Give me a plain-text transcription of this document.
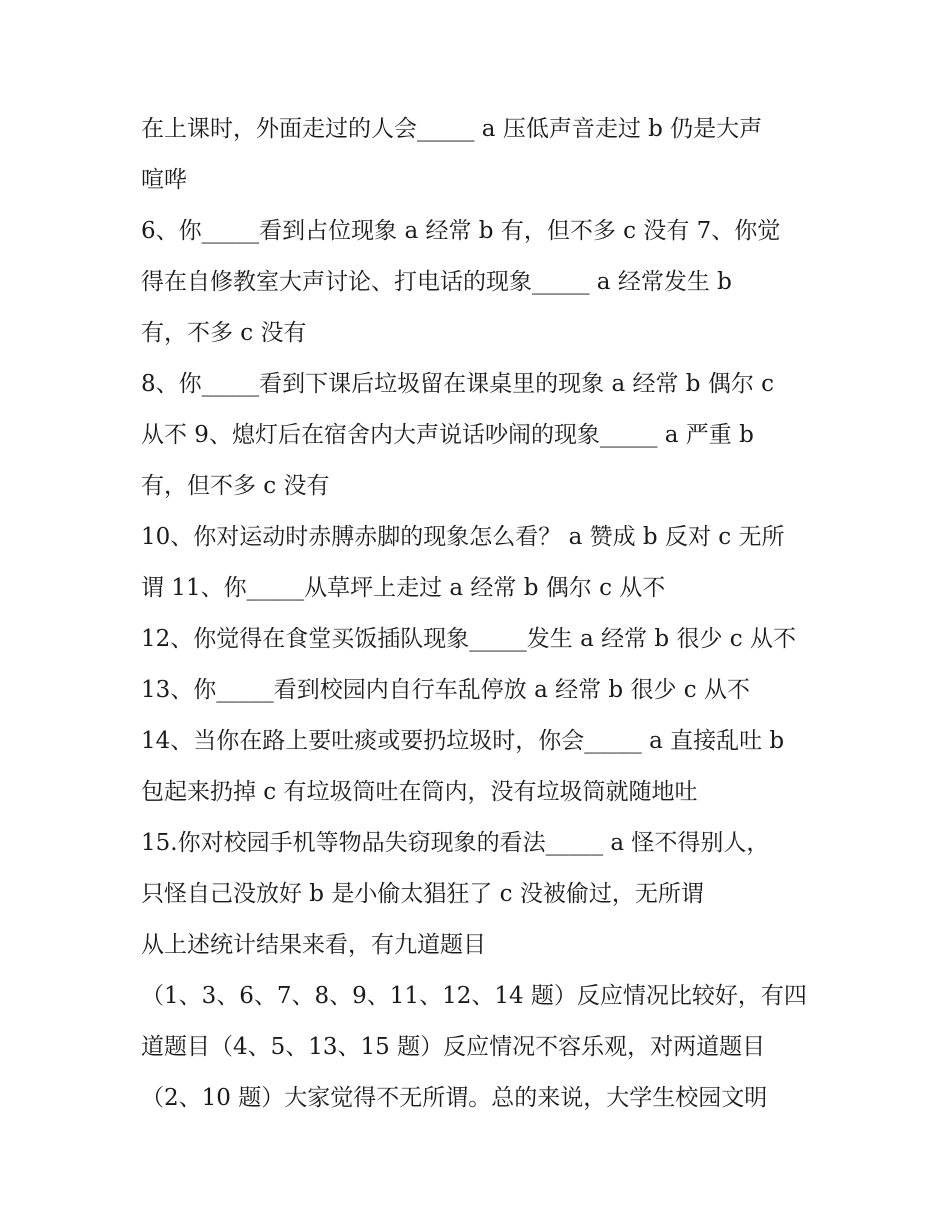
在上课时，外面走过的人会_____ a 压低声音走过 b 仍是大声
喧哗
6、你_____看到占位现象 a 经常 b 有，但不多 c 没有 7、你觉
得在自修教室大声讨论、打电话的现象_____ a 经常发生 b
有，不多 c 没有
8、你_____看到下课后垃圾留在课桌里的现象 a 经常 b 偶尔 c
从不 9、熄灯后在宿舍内大声说话吵闹的现象_____ a 严重 b
有，但不多 c 没有
10、你对运动时赤膊赤脚的现象怎么看？ a 赞成 b 反对 c 无所
谓 11、你_____从草坪上走过 a 经常 b 偶尔 c 从不
12、你觉得在食堂买饭插队现象_____发生 a 经常 b 很少 c 从不
13、你_____看到校园内自行车乱停放 a 经常 b 很少 c 从不
14、当你在路上要吐痰或要扔垃圾时，你会_____ a 直接乱吐 b
包起来扔掉 c 有垃圾筒吐在筒内，没有垃圾筒就随地吐
15.你对校园手机等物品失窃现象的看法_____ a 怪不得别人，
只怪自己没放好 b 是小偷太猖狂了 c 没被偷过，无所谓
从上述统计结果来看，有九道题目
（1、3、6、7、8、9、11、12、14 题）反应情况比较好，有四
道题目（4、5、13、15 题）反应情况不容乐观，对两道题目
（2、10 题）大家觉得不无所谓。总的来说，大学生校园文明
